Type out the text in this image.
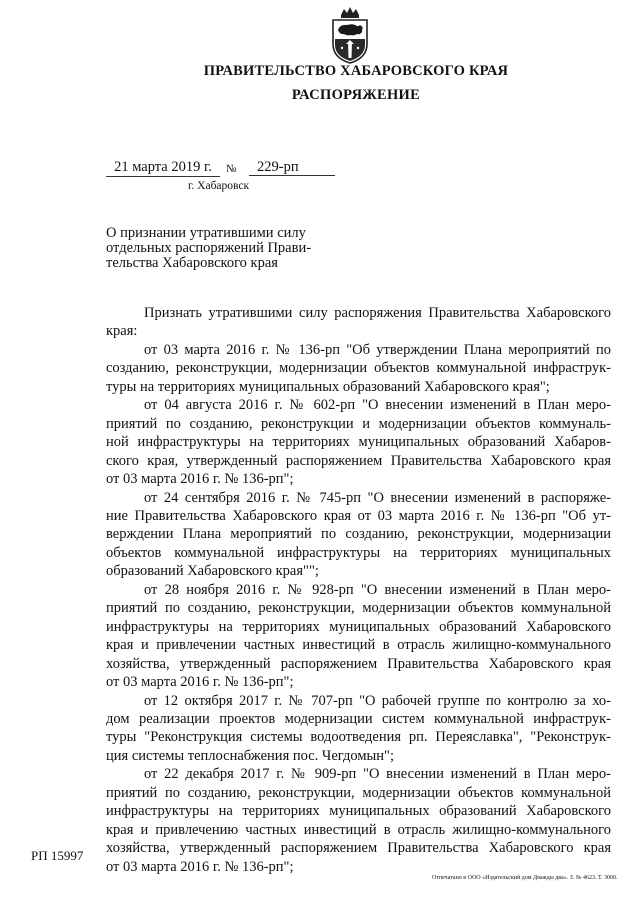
ПРАВИТЕЛЬСТВО ХАБАРОВСКОГО КРАЯ
РАСПОРЯЖЕНИЕ
21 марта 2019 г.	№	229-рп
г. Хабаровск
О признании утратившими силу
отдельных распоряжений Прави-
тельства Хабаровского края
Признать утратившими силу распоряжения Правительства Хабаровского
края:
от 03 марта 2016 г. № 136-рп "Об утверждении Плана мероприятий по
созданию, реконструкции, модернизации объектов коммунальной инфраструк-
туры на территориях муниципальных образований Хабаровского края";
от 04 августа 2016 г. № 602-рп "О внесении изменений в План меро-
приятий по созданию, реконструкции и модернизации объектов коммуналь-
ной инфраструктуры на территориях муниципальных образований Хабаров-
ского края, утвержденный распоряжением Правительства Хабаровского края
от 03 марта 2016 г. № 136-рп";
от 24 сентября 2016 г. № 745-рп "О внесении изменений в распоряже-
ние Правительства Хабаровского края от 03 марта 2016 г. № 136-рп "Об ут-
верждении Плана мероприятий по созданию, реконструкции, модернизации
объектов коммунальной инфраструктуры на территориях муниципальных
образований Хабаровского края"";
от 28 ноября 2016 г. № 928-рп "О внесении изменений в План меро-
приятий по созданию, реконструкции, модернизации объектов коммунальной
инфраструктуры на территориях муниципальных образований Хабаровского
края и привлечении частных инвестиций в отрасль жилищно-коммунального
хозяйства, утвержденный распоряжением Правительства Хабаровского края
от 03 марта 2016 г. № 136-рп";
от 12 октября 2017 г. № 707-рп "О рабочей группе по контролю за хо-
дом реализации проектов модернизации систем коммунальной инфраструк-
туры "Реконструкция системы водоотведения рп. Переяславка", "Реконструк-
ция системы теплоснабжения пос. Чегдомын";
от 22 декабря 2017 г. № 909-рп "О внесении изменений в План меро-
приятий по созданию, реконструкции, модернизации объектов коммунальной
инфраструктуры на территориях муниципальных образований Хабаровского
края и привлечению частных инвестиций в отрасль жилищно-коммунального
хозяйства, утвержденный распоряжением Правительства Хабаровского края
от 03 марта 2016 г. № 136-рп";
РП 15997
Отпечатано в ООО «Издательский дом Дважды два». З. № 4623. Т. 3000.
